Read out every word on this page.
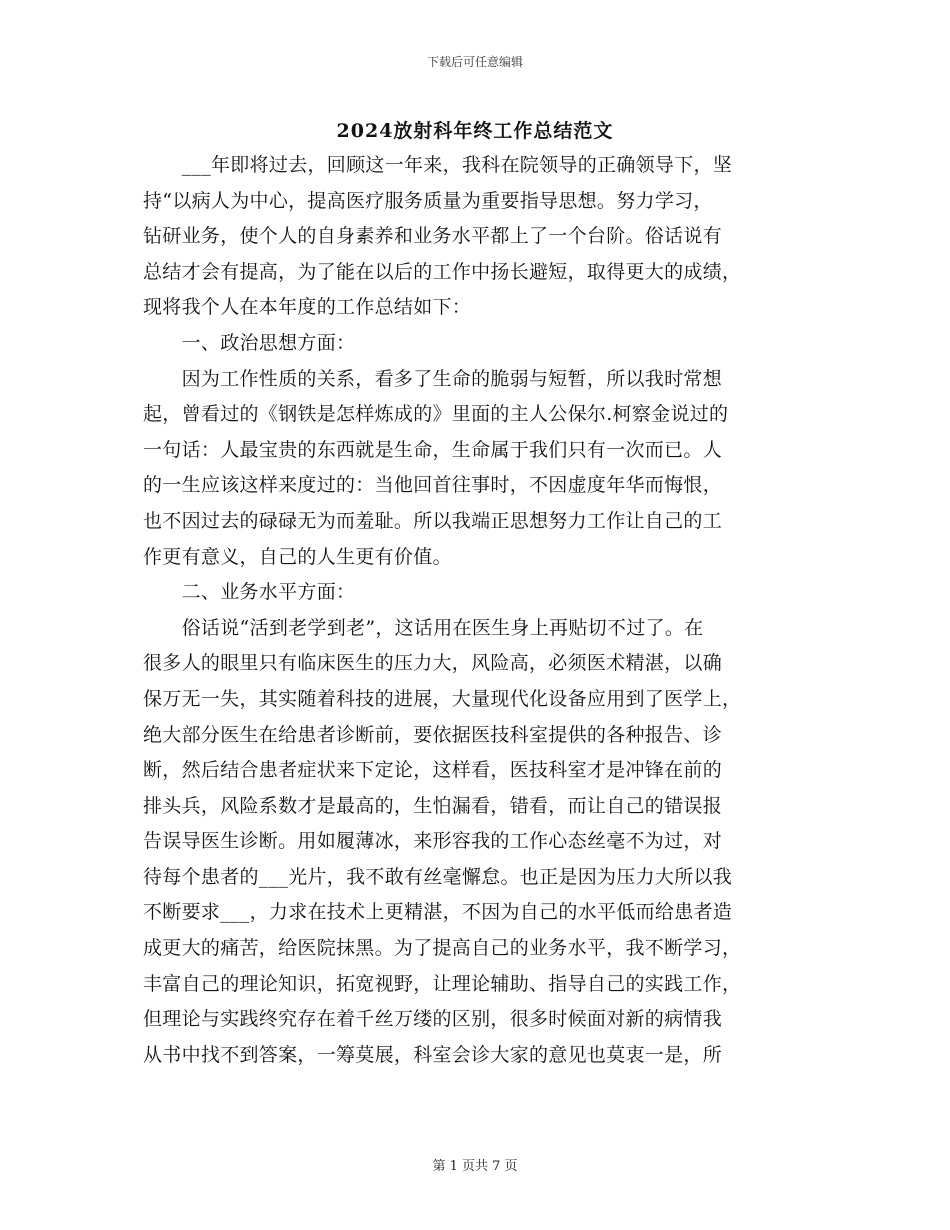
下载后可任意编辑
2024放射科年终工作总结范文
　　___年即将过去，回顾这一年来，我科在院领导的正确领导下，坚
持“以病人为中心，提高医疗服务质量为重要指导思想。努力学习，
钻研业务，使个人的自身素养和业务水平都上了一个台阶。俗话说有
总结才会有提高，为了能在以后的工作中扬长避短，取得更大的成绩，
现将我个人在本年度的工作总结如下：
　　一、政治思想方面：
　　因为工作性质的关系，看多了生命的脆弱与短暂，所以我时常想
起，曾看过的《钢铁是怎样炼成的》里面的主人公保尔.柯察金说过的
一句话：人最宝贵的东西就是生命，生命属于我们只有一次而已。人
的一生应该这样来度过的：当他回首往事时，不因虚度年华而悔恨，
也不因过去的碌碌无为而羞耻。所以我端正思想努力工作让自己的工
作更有意义，自己的人生更有价值。
　　二、业务水平方面：
　　俗话说“活到老学到老”，这话用在医生身上再贴切不过了。在
很多人的眼里只有临床医生的压力大，风险高，必须医术精湛，以确
保万无一失，其实随着科技的进展，大量现代化设备应用到了医学上，
绝大部分医生在给患者诊断前，要依据医技科室提供的各种报告、诊
断，然后结合患者症状来下定论，这样看，医技科室才是冲锋在前的
排头兵，风险系数才是最高的，生怕漏看，错看，而让自己的错误报
告误导医生诊断。用如履薄冰，来形容我的工作心态丝毫不为过，对
待每个患者的___光片，我不敢有丝毫懈怠。也正是因为压力大所以我
不断要求___，力求在技术上更精湛，不因为自己的水平低而给患者造
成更大的痛苦，给医院抹黑。为了提高自己的业务水平，我不断学习，
丰富自己的理论知识，拓宽视野，让理论辅助、指导自己的实践工作，
但理论与实践终究存在着千丝万缕的区别，很多时候面对新的病情我
从书中找不到答案，一筹莫展，科室会诊大家的意见也莫衷一是，所
第 1 页共 7 页
